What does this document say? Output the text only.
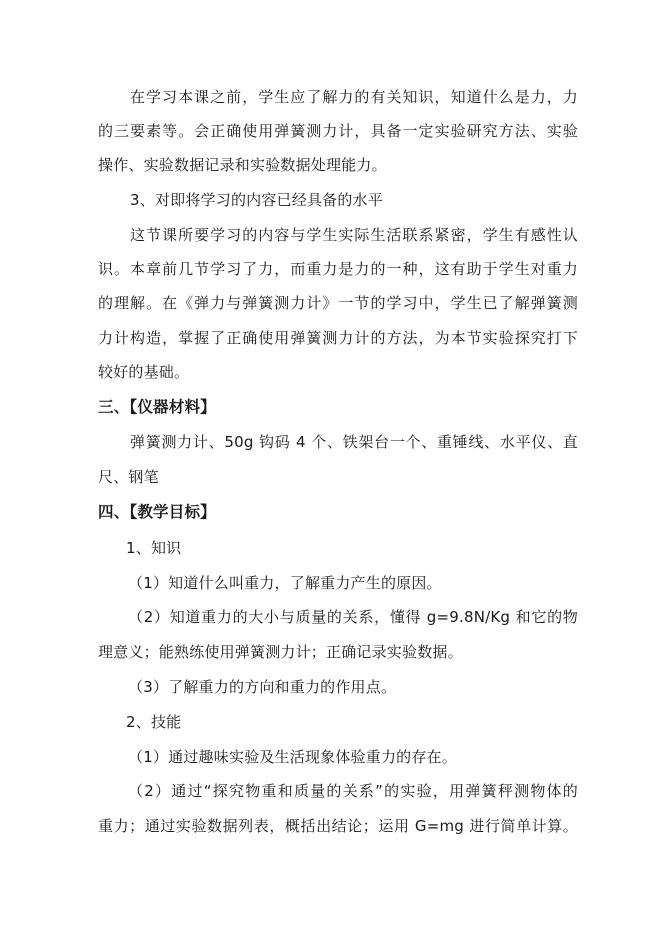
在学习本课之前，学生应了解力的有关知识，知道什么是力，力
的三要素等。会正确使用弹簧测力计，具备一定实验研究方法、实验
操作、实验数据记录和实验数据处理能力。
3、对即将学习的内容已经具备的水平
这节课所要学习的内容与学生实际生活联系紧密，学生有感性认
识。本章前几节学习了力，而重力是力的一种，这有助于学生对重力
的理解。在《弹力与弹簧测力计》一节的学习中，学生已了解弹簧测
力计构造，掌握了正确使用弹簧测力计的方法，为本节实验探究打下
较好的基础。
三、【仪器材料】
弹簧测力计、50g 钩码 4 个、铁架台一个、重锤线、水平仪、直
尺、钢笔
四、【教学目标】
1、知识
（1）知道什么叫重力，了解重力产生的原因。
（2）知道重力的大小与质量的关系，懂得 g=9.8N/Kg 和它的物
理意义；能熟练使用弹簧测力计；正确记录实验数据。
（3）了解重力的方向和重力的作用点。
2、技能
（1）通过趣味实验及生活现象体验重力的存在。
（2）通过“探究物重和质量的关系”的实验，用弹簧秤测物体的
重力；通过实验数据列表，概括出结论；运用 G=mg 进行简单计算。
